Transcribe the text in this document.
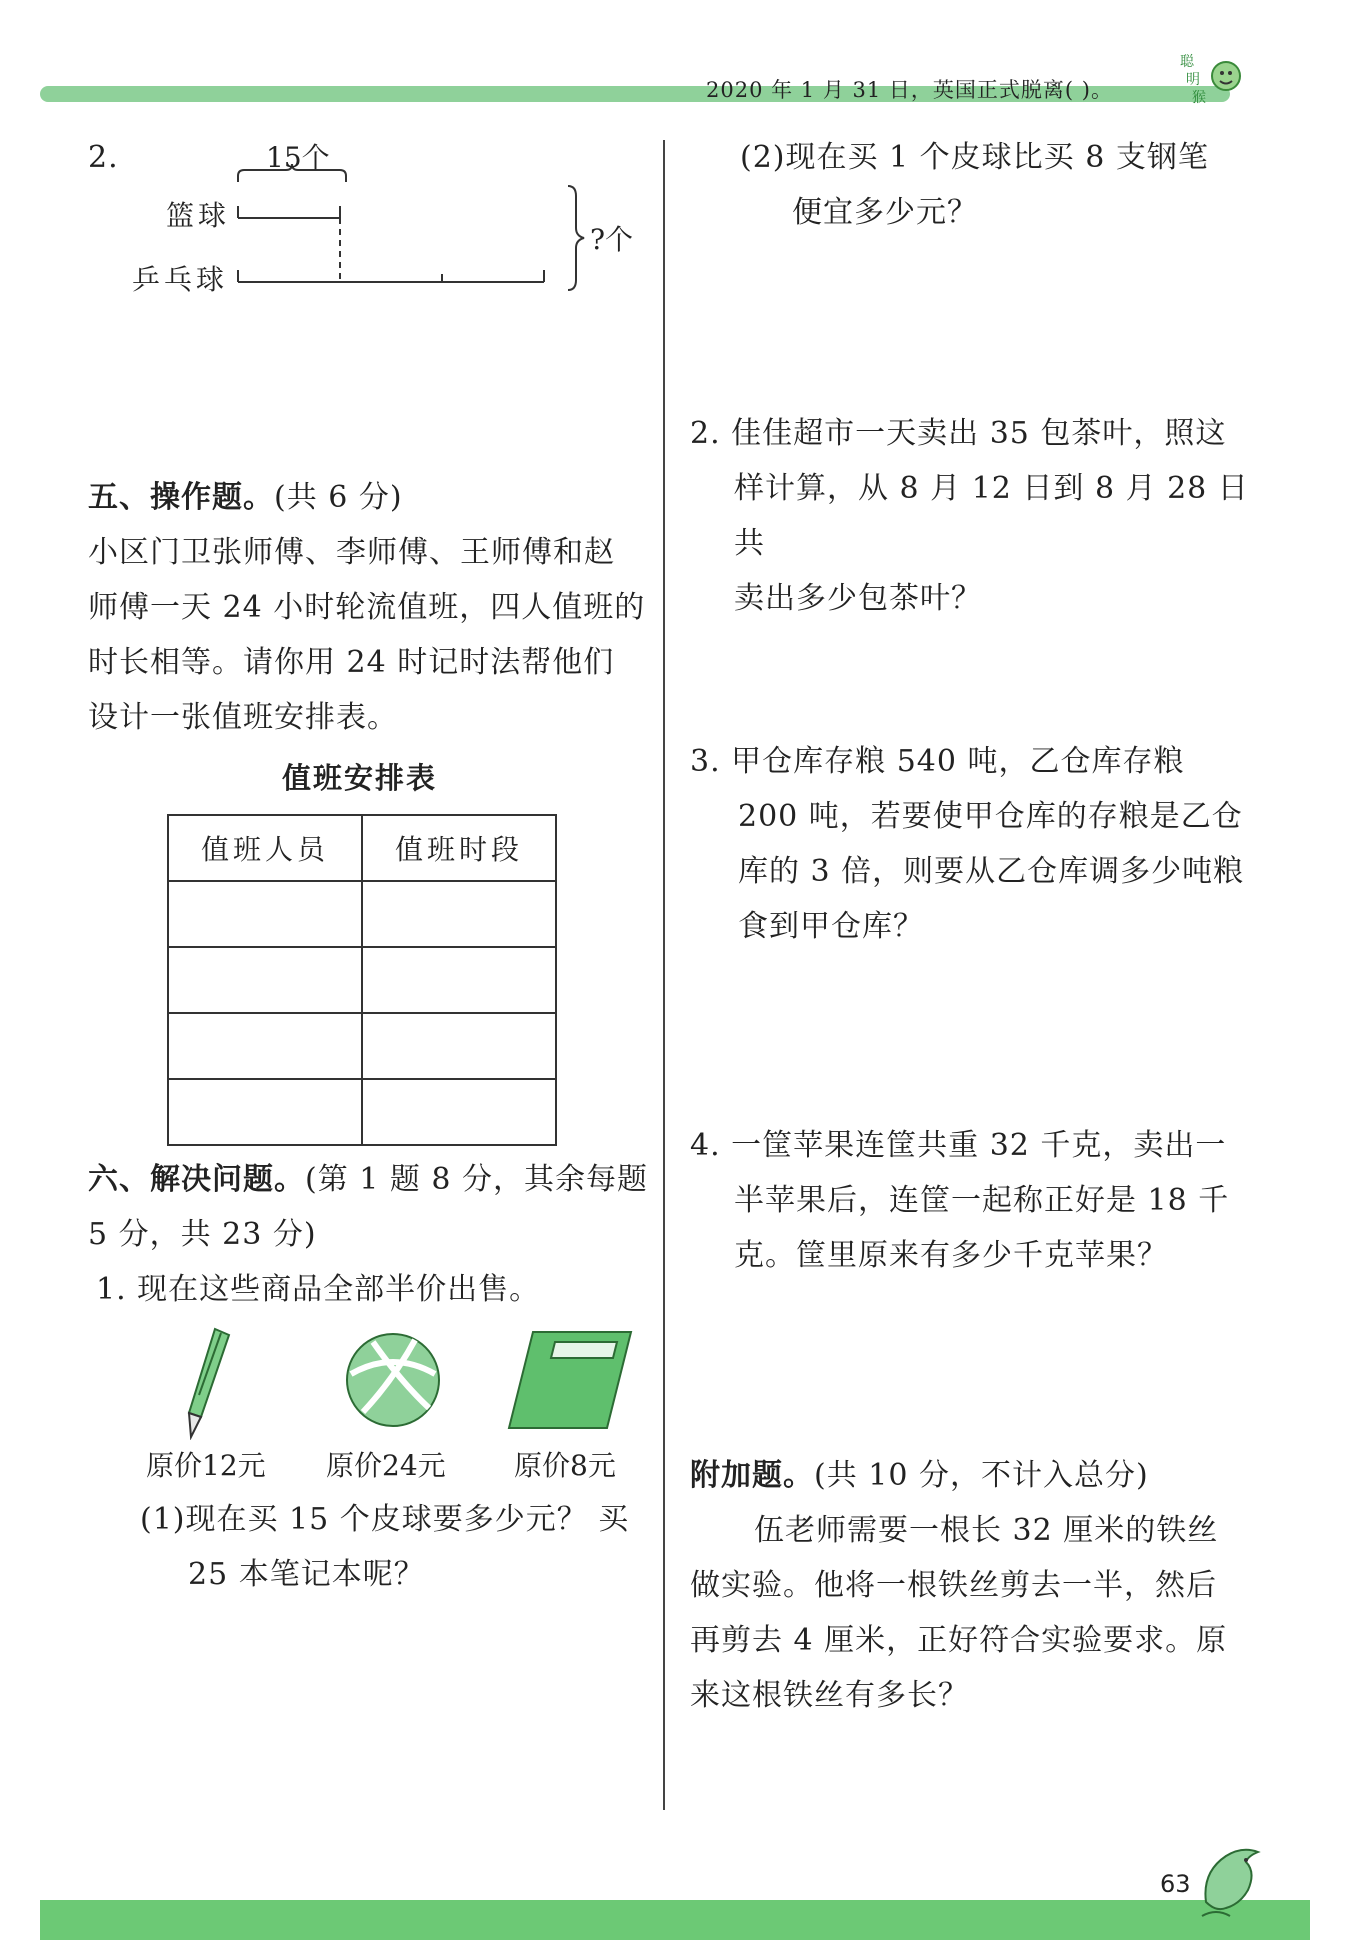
2020 年 1 月 31 日，英国正式脱离( )。
聪
明
猴
2.	15个
篮球
乒乓球
?个
五、操作题。(共 6 分)
小区门卫张师傅、李师傅、王师傅和赵
师傅一天 24 小时轮流值班，四人值班的
时长相等。请你用 24 时记时法帮他们
设计一张值班安排表。
值班安排表
值班人员	值班时段

六、解决问题。(第 1 题 8 分，其余每题
5 分，共 23 分)
1. 现在这些商品全部半价出售。
原价12元 原价24元 原价8元
(1)现在买 15 个皮球要多少元？ 买
25 本笔记本呢？
(2)现在买 1 个皮球比买 8 支钢笔
便宜多少元？
2. 佳佳超市一天卖出 35 包茶叶，照这
样计算，从 8 月 12 日到 8 月 28 日共
卖出多少包茶叶？
3. 甲仓库存粮 540 吨，乙仓库存粮
200 吨，若要使甲仓库的存粮是乙仓
库的 3 倍，则要从乙仓库调多少吨粮
食到甲仓库？
4. 一筐苹果连筐共重 32 千克，卖出一
半苹果后，连筐一起称正好是 18 千
克。筐里原来有多少千克苹果？
附加题。(共 10 分，不计入总分)
伍老师需要一根长 32 厘米的铁丝
做实验。他将一根铁丝剪去一半，然后
再剪去 4 厘米，正好符合实验要求。原
来这根铁丝有多长？
63
